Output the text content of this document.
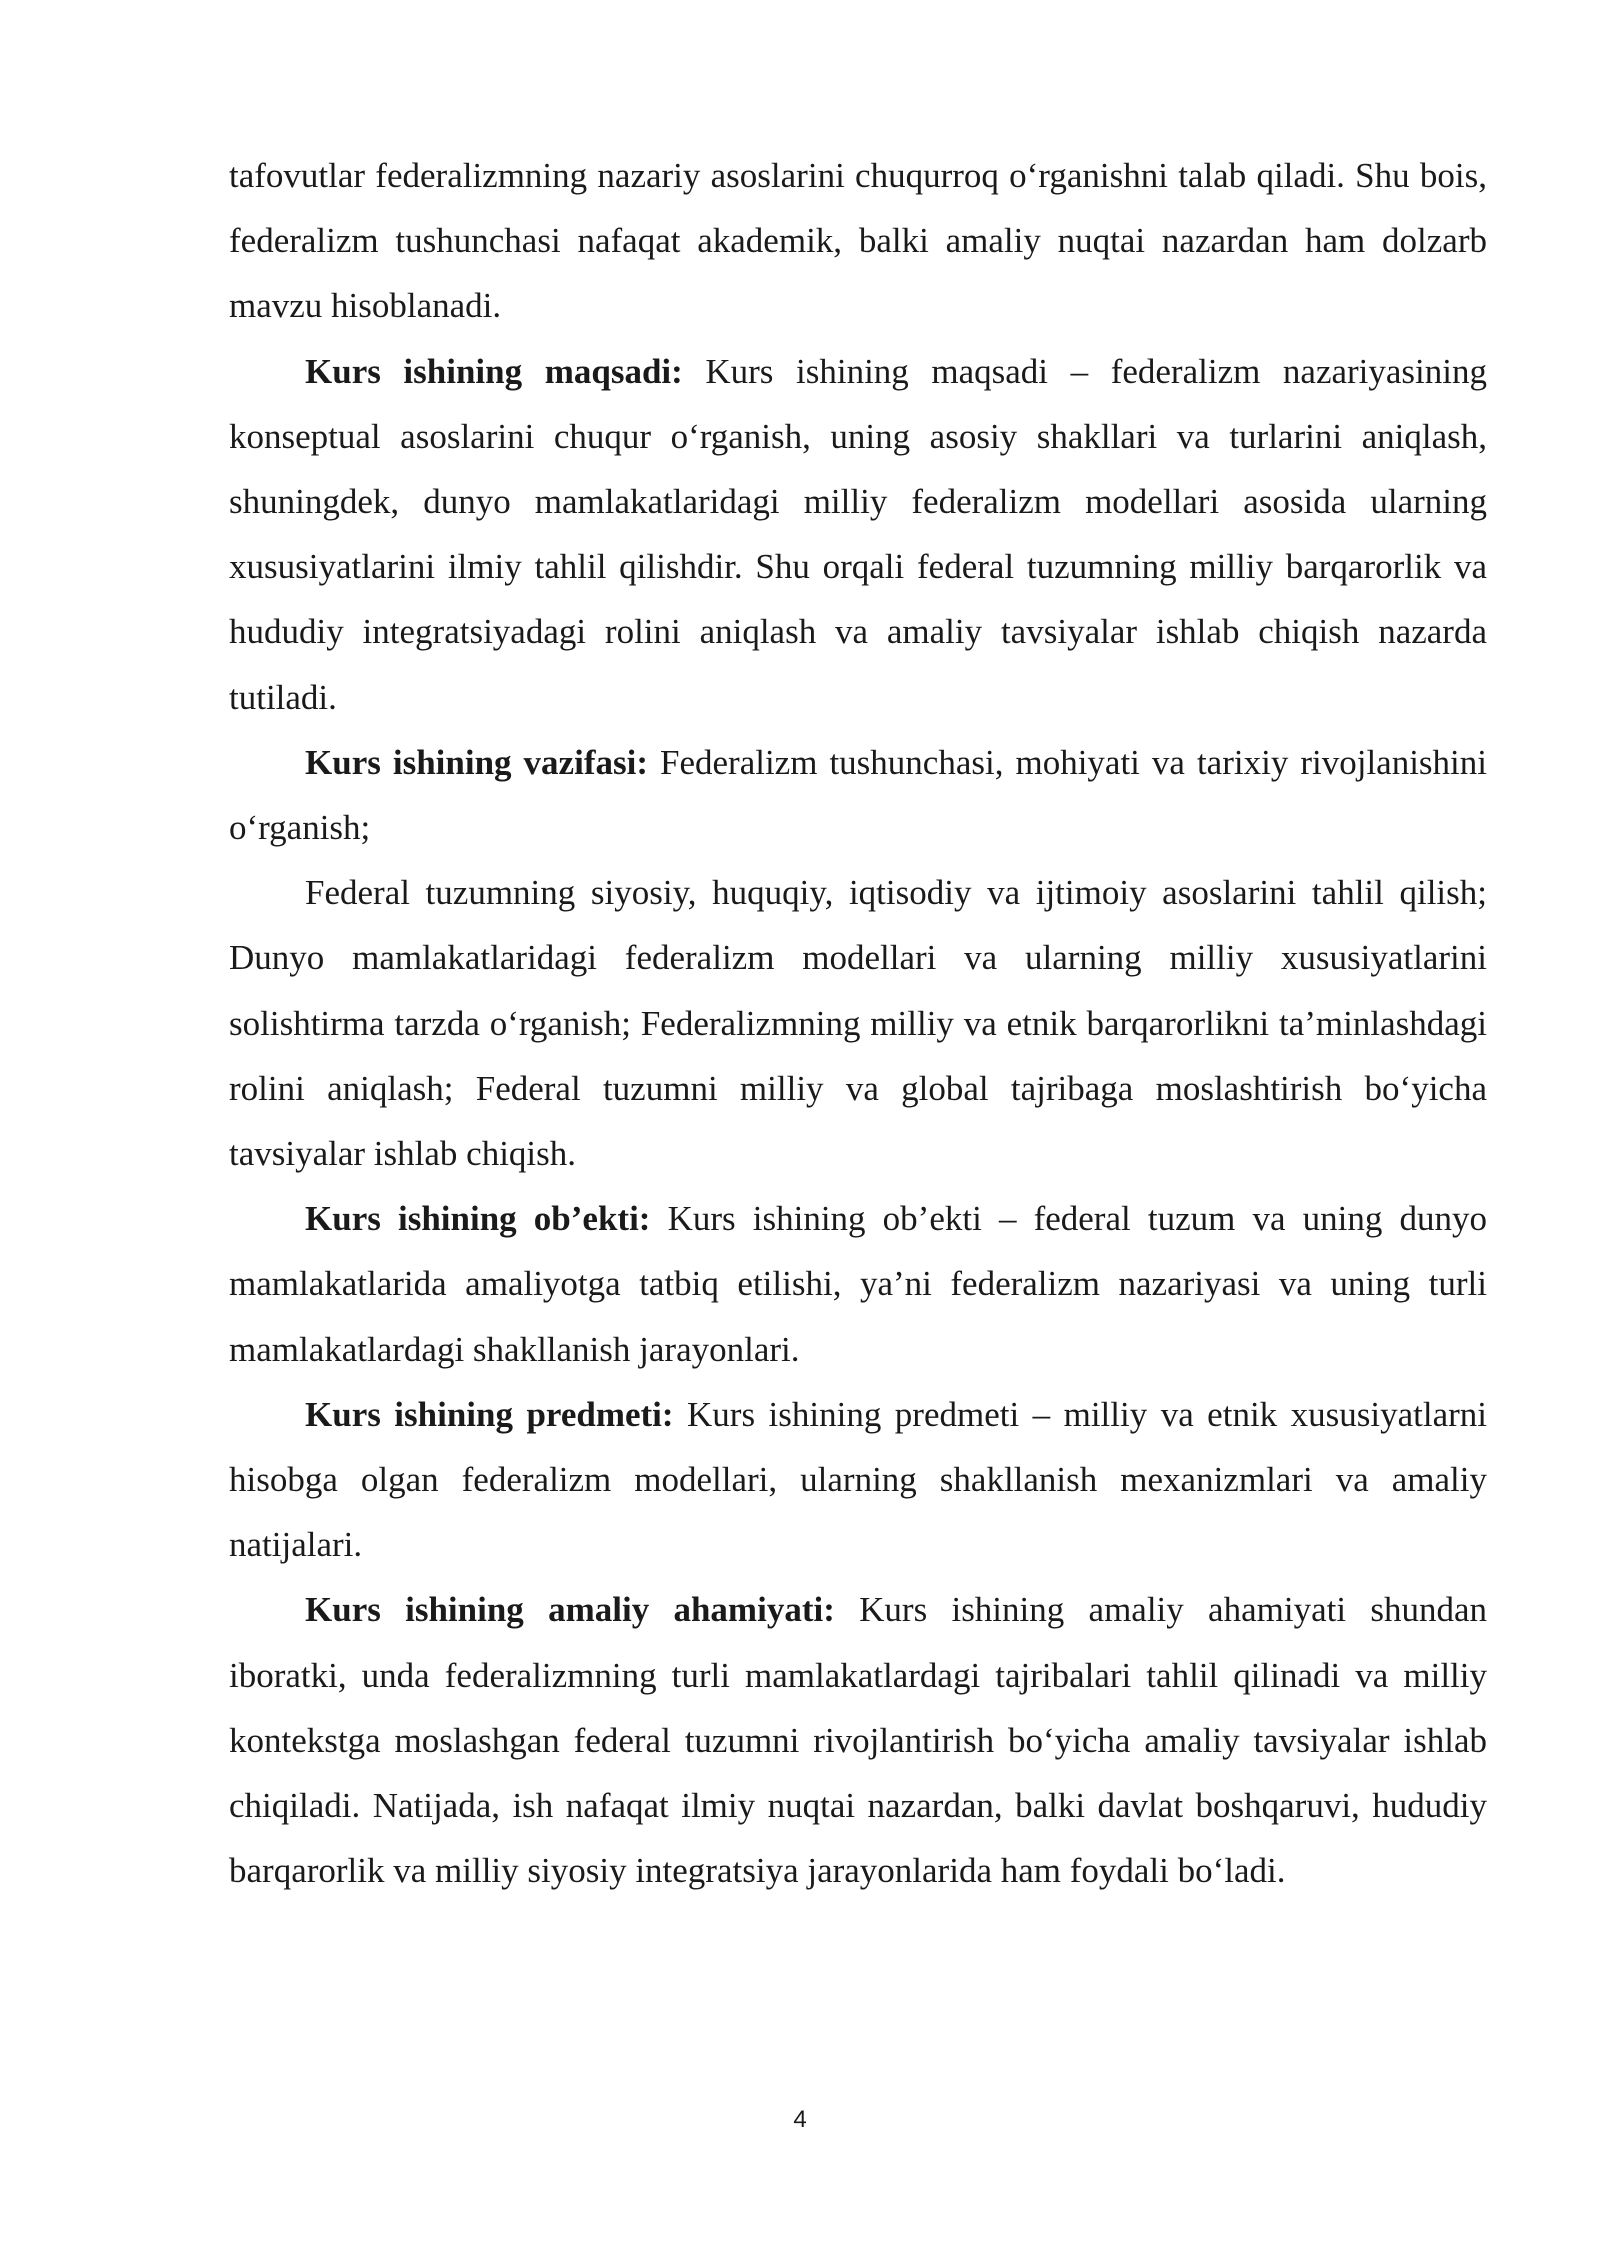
tafovutlar federalizmning nazariy asoslarini chuqurroq o‘rganishni talab qiladi. Shu bois, federalizm tushunchasi nafaqat akademik, balki amaliy nuqtai nazardan ham dolzarb mavzu hisoblanadi.

Kurs ishining maqsadi: Kurs ishining maqsadi – federalizm nazariyasining konseptual asoslarini chuqur o‘rganish, uning asosiy shakllari va turlarini aniqlash, shuningdek, dunyo mamlakatlaridagi milliy federalizm modellari asosida ularning xususiyatlarini ilmiy tahlil qilishdir. Shu orqali federal tuzumning milliy barqarorlik va hududiy integratsiyadagi rolini aniqlash va amaliy tavsiyalar ishlab chiqish nazarda tutiladi.

Kurs ishining vazifasi: Federalizm tushunchasi, mohiyati va tarixiy rivojlanishini o‘rganish;

Federal tuzumning siyosiy, huquqiy, iqtisodiy va ijtimoiy asoslarini tahlil qilish; Dunyo mamlakatlaridagi federalizm modellari va ularning milliy xususiyatlarini solishtirma tarzda o‘rganish; Federalizmning milliy va etnik barqarorlikni ta’minlashdagi rolini aniqlash; Federal tuzumni milliy va global tajribaga moslashtirish bo‘yicha tavsiyalar ishlab chiqish.

Kurs ishining ob’ekti: Kurs ishining ob’ekti – federal tuzum va uning dunyo mamlakatlarida amaliyotga tatbiq etilishi, ya’ni federalizm nazariyasi va uning turli mamlakatlardagi shakllanish jarayonlari.

Kurs ishining predmeti: Kurs ishining predmeti – milliy va etnik xususiyatlarni hisobga olgan federalizm modellari, ularning shakllanish mexanizmlari va amaliy natijalari.

Kurs ishining amaliy ahamiyati: Kurs ishining amaliy ahamiyati shundan iboratki, unda federalizmning turli mamlakatlardagi tajribalari tahlil qilinadi va milliy kontekstga moslashgan federal tuzumni rivojlantirish bo‘yicha amaliy tavsiyalar ishlab chiqiladi. Natijada, ish nafaqat ilmiy nuqtai nazardan, balki davlat boshqaruvi, hududiy barqarorlik va milliy siyosiy integratsiya jarayonlarida ham foydali bo‘ladi.

4
